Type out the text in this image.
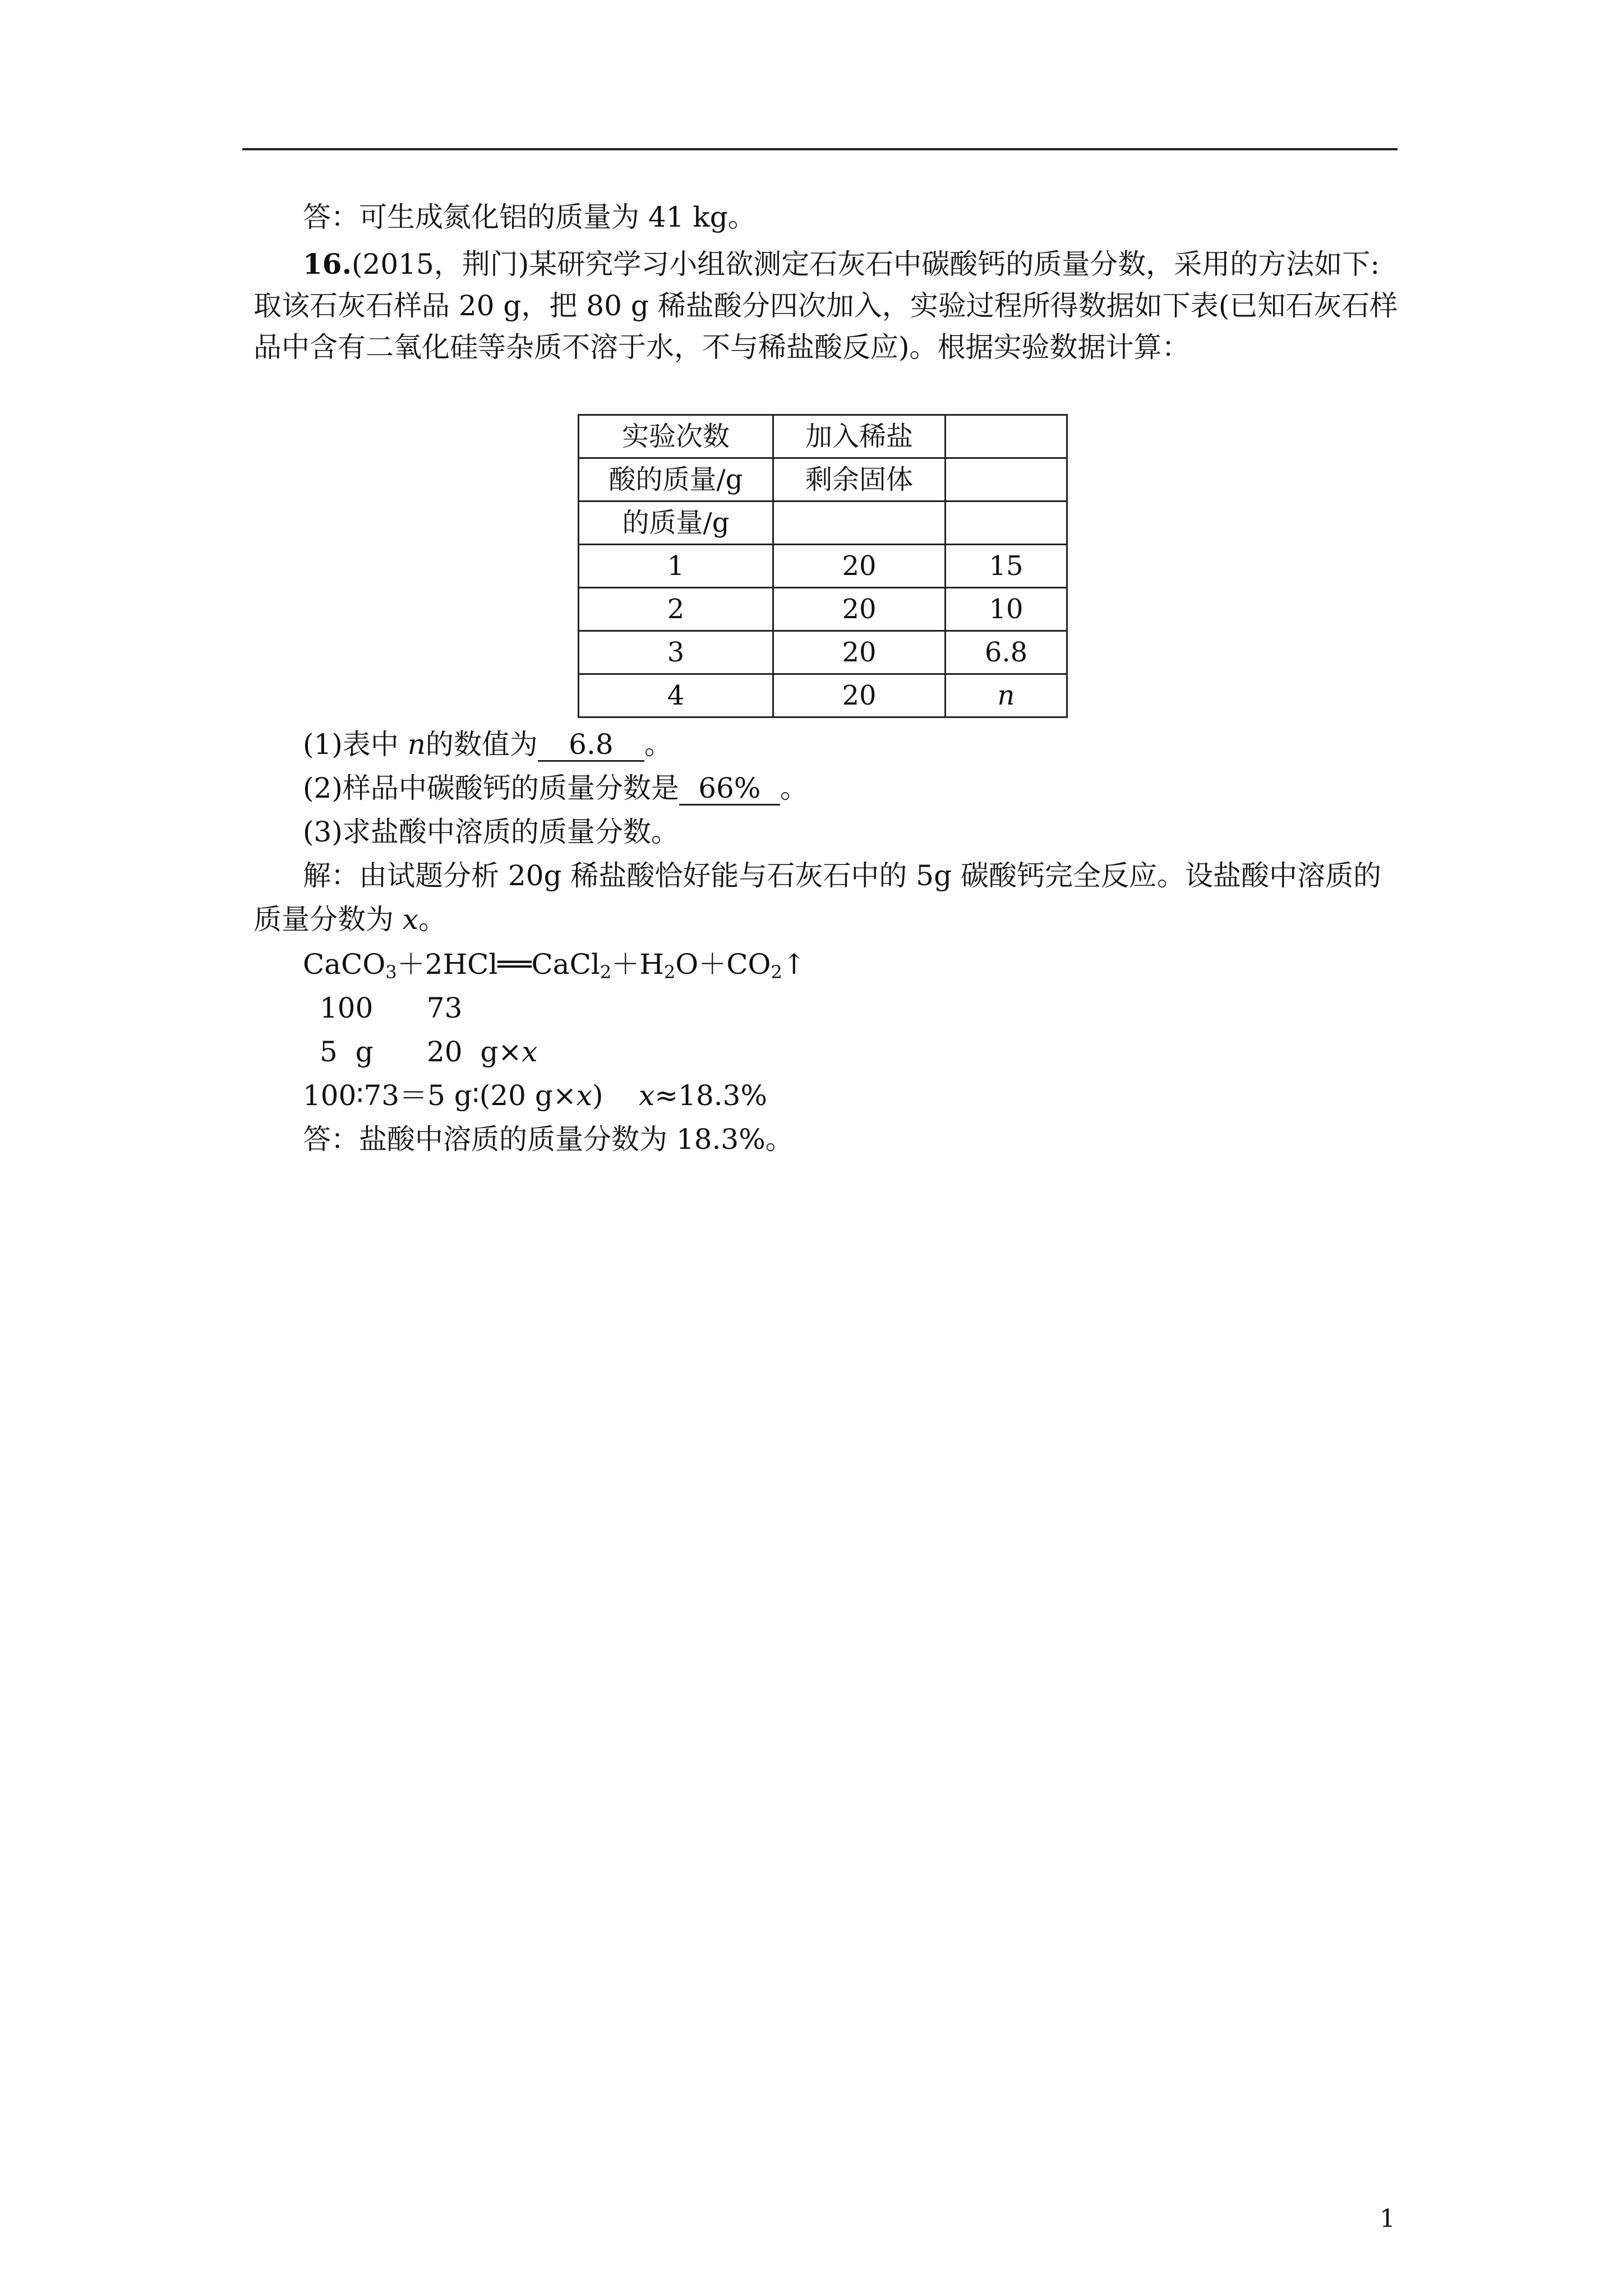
答：可生成氮化铝的质量为 41 kg。
16.(2015，荆门)某研究学习小组欲测定石灰石中碳酸钙的质量分数，采用的方法如下:
取该石灰石样品 20 g，把 80 g 稀盐酸分四次加入，实验过程所得数据如下表(已知石灰石样
品中含有二氧化硅等杂质不溶于水，不与稀盐酸反应)。根据实验数据计算：
实验次数	加入稀盐	
酸的质量/g	剩余固体	
的质量/g		
1	20	15
2	20	10
3	20	6.8
4	20	n
(1)表中 n的数值为 6.8 。
(2)样品中碳酸钙的质量分数是 66% 。
(3)求盐酸中溶质的质量分数。
解：由试题分析 20g 稀盐酸恰好能与石灰石中的 5g 碳酸钙完全反应。设盐酸中溶质的
质量分数为 x。
$CaCO_3+2HCl══CaCl_2+H_2O+CO_2↑$
100      73
5  g      20  g×x
100∶73＝5 g∶(20 g×x)    x≈18.3%
答：盐酸中溶质的质量分数为 18.3%。
1
